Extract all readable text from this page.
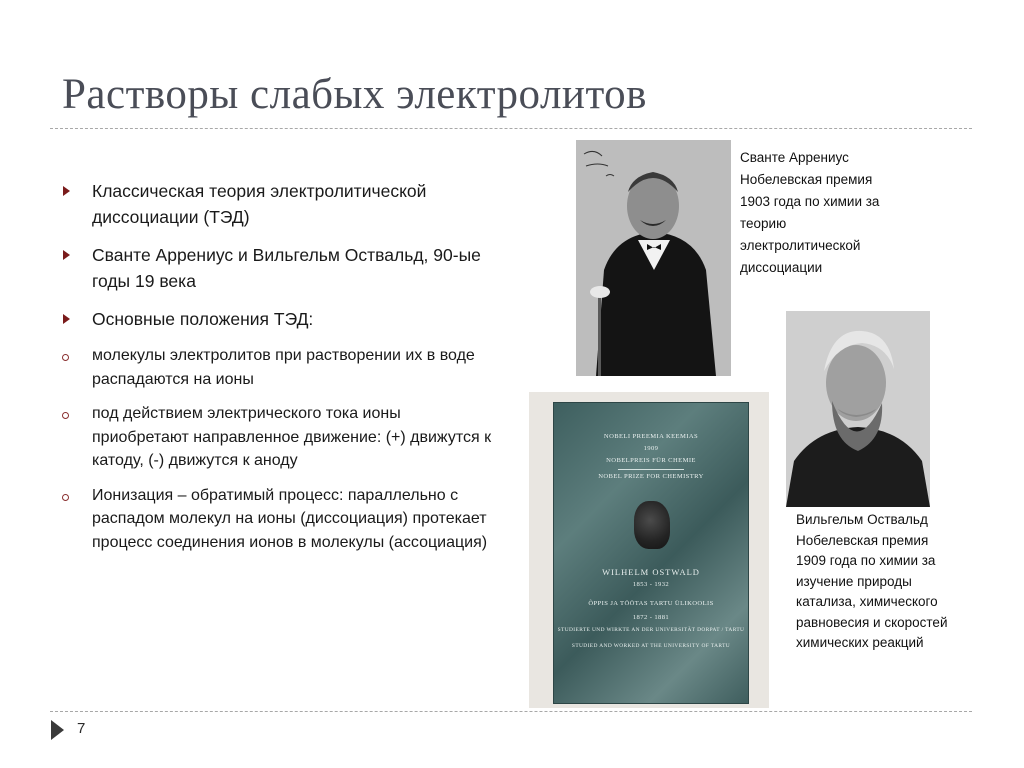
Растворы слабых электролитов
Классическая теория электролитической диссоциации (ТЭД)
Сванте Аррениус и Вильгельм Оствальд, 90-ые годы 19 века
Основные положения ТЭД:
молекулы электролитов при растворении их в воде распадаются на ионы
под действием электрического тока ионы приобретают направленное движение: (+) движутся к катоду, (-) движутся к аноду
Ионизация – обратимый процесс: параллельно с распадом молекул на ионы (диссоциация) протекает процесс соединения ионов в молекулы (ассоциация)
Сванте Аррениус
Нобелевская премия
1903 года по химии за
теорию
электролитической
диссоциации
Вильгельм Оствальд
Нобелевская премия
1909 года по химии за
изучение природы
катализа, химического
равновесия и скоростей
химических реакций
NOBELI PREEMIA KEEMIAS
1909
NOBELPREIS FÜR CHEMIE
NOBEL PRIZE FOR CHEMISTRY
WILHELM OSTWALD
1853 - 1932
ÕPPIS JA TÖÖTAS TARTU ÜLIKOOLIS
1872 - 1881
STUDIERTE UND WIRKTE AN DER UNIVERSITÄT DORPAT / TARTU
STUDIED AND WORKED AT THE UNIVERSITY OF TARTU
7
